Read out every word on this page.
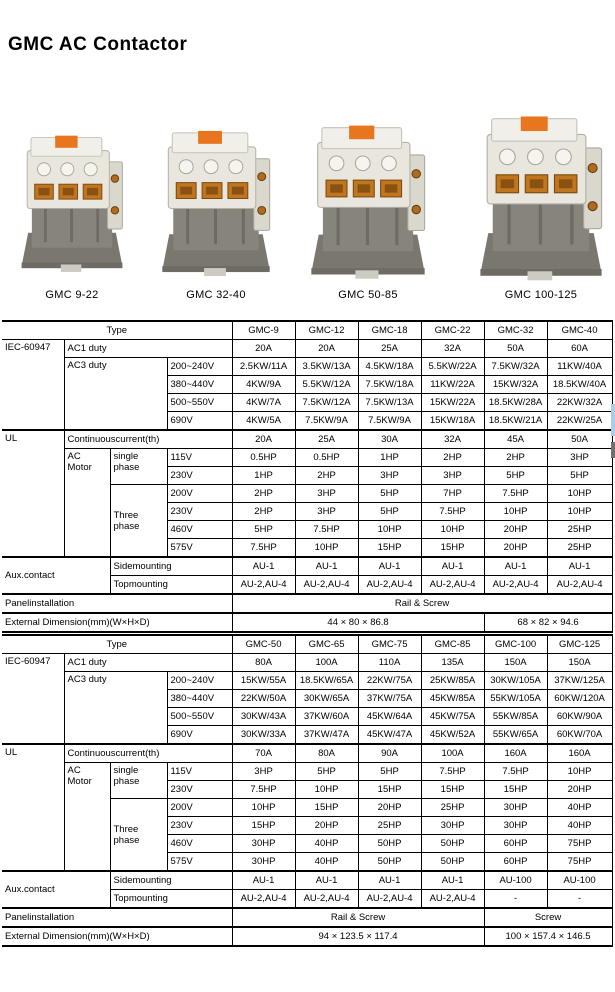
GMC AC Contactor
GMC 9-22	GMC 32-40	GMC 50-85	GMC 100-125
Type				GMC-9	GMC-12	GMC-18	GMC-22	GMC-32	GMC-40
IEC-60947	AC1 duty			20A	20A	25A	32A	50A	60A
	AC3 duty		200~240V	2.5KW/11A	3.5KW/13A	4.5KW/18A	5.5KW/22A	7.5KW/32A	11KW/40A
			380~440V	4KW/9A	5.5KW/12A	7.5KW/18A	11KW/22A	15KW/32A	18.5KW/40A
			500~550V	4KW/7A	7.5KW/12A	7.5KW/13A	15KW/22A	18.5KW/28A	22KW/32A
			690V	4KW/5A	7.5KW/9A	7.5KW/9A	15KW/18A	18.5KW/21A	22KW/25A
UL	Continuouscurrent(th)			20A	25A	30A	32A	45A	50A
	AC Motor	single phase	115V	0.5HP	0.5HP	1HP	2HP	2HP	3HP
			230V	1HP	2HP	3HP	3HP	5HP	5HP
		Three phase	200V	2HP	3HP	5HP	7HP	7.5HP	10HP
			230V	2HP	3HP	5HP	7.5HP	10HP	10HP
			460V	5HP	7.5HP	10HP	10HP	20HP	25HP
			575V	7.5HP	10HP	15HP	15HP	20HP	25HP
Aux.contact		Sidemounting		AU-1	AU-1	AU-1	AU-1	AU-1	AU-1
		Topmounting		AU-2,AU-4	AU-2,AU-4	AU-2,AU-4	AU-2,AU-4	AU-2,AU-4	AU-2,AU-4
Panelinstallation				Rail & Screw					
External Dimension(mm)(W×H×D)				44 × 80 × 86.8				68 × 82 × 94.6	
Type				GMC-50	GMC-65	GMC-75	GMC-85	GMC-100	GMC-125
IEC-60947	AC1 duty			80A	100A	110A	135A	150A	150A
	AC3 duty		200~240V	15KW/55A	18.5KW/65A	22KW/75A	25KW/85A	30KW/105A	37KW/125A
			380~440V	22KW/50A	30KW/65A	37KW/75A	45KW/85A	55KW/105A	60KW/120A
			500~550V	30KW/43A	37KW/60A	45KW/64A	45KW/75A	55KW/85A	60KW/90A
			690V	30KW/33A	37KW/47A	45KW/47A	45KW/52A	55KW/65A	60KW/70A
UL	Continuouscurrent(th)			70A	80A	90A	100A	160A	160A
	AC Motor	single phase	115V	3HP	5HP	5HP	7.5HP	7.5HP	10HP
			230V	7.5HP	10HP	15HP	15HP	15HP	20HP
		Three phase	200V	10HP	15HP	20HP	25HP	30HP	40HP
			230V	15HP	20HP	25HP	30HP	30HP	40HP
			460V	30HP	40HP	50HP	50HP	60HP	75HP
			575V	30HP	40HP	50HP	50HP	60HP	75HP
Aux.contact		Sidemounting		AU-1	AU-1	AU-1	AU-1	AU-100	AU-100
		Topmounting		AU-2,AU-4	AU-2,AU-4	AU-2,AU-4	AU-2,AU-4	-	-
Panelinstallation				Rail & Screw				Screw	
External Dimension(mm)(W×H×D)				94 × 123.5 × 117.4				100 × 157.4 × 146.5	
